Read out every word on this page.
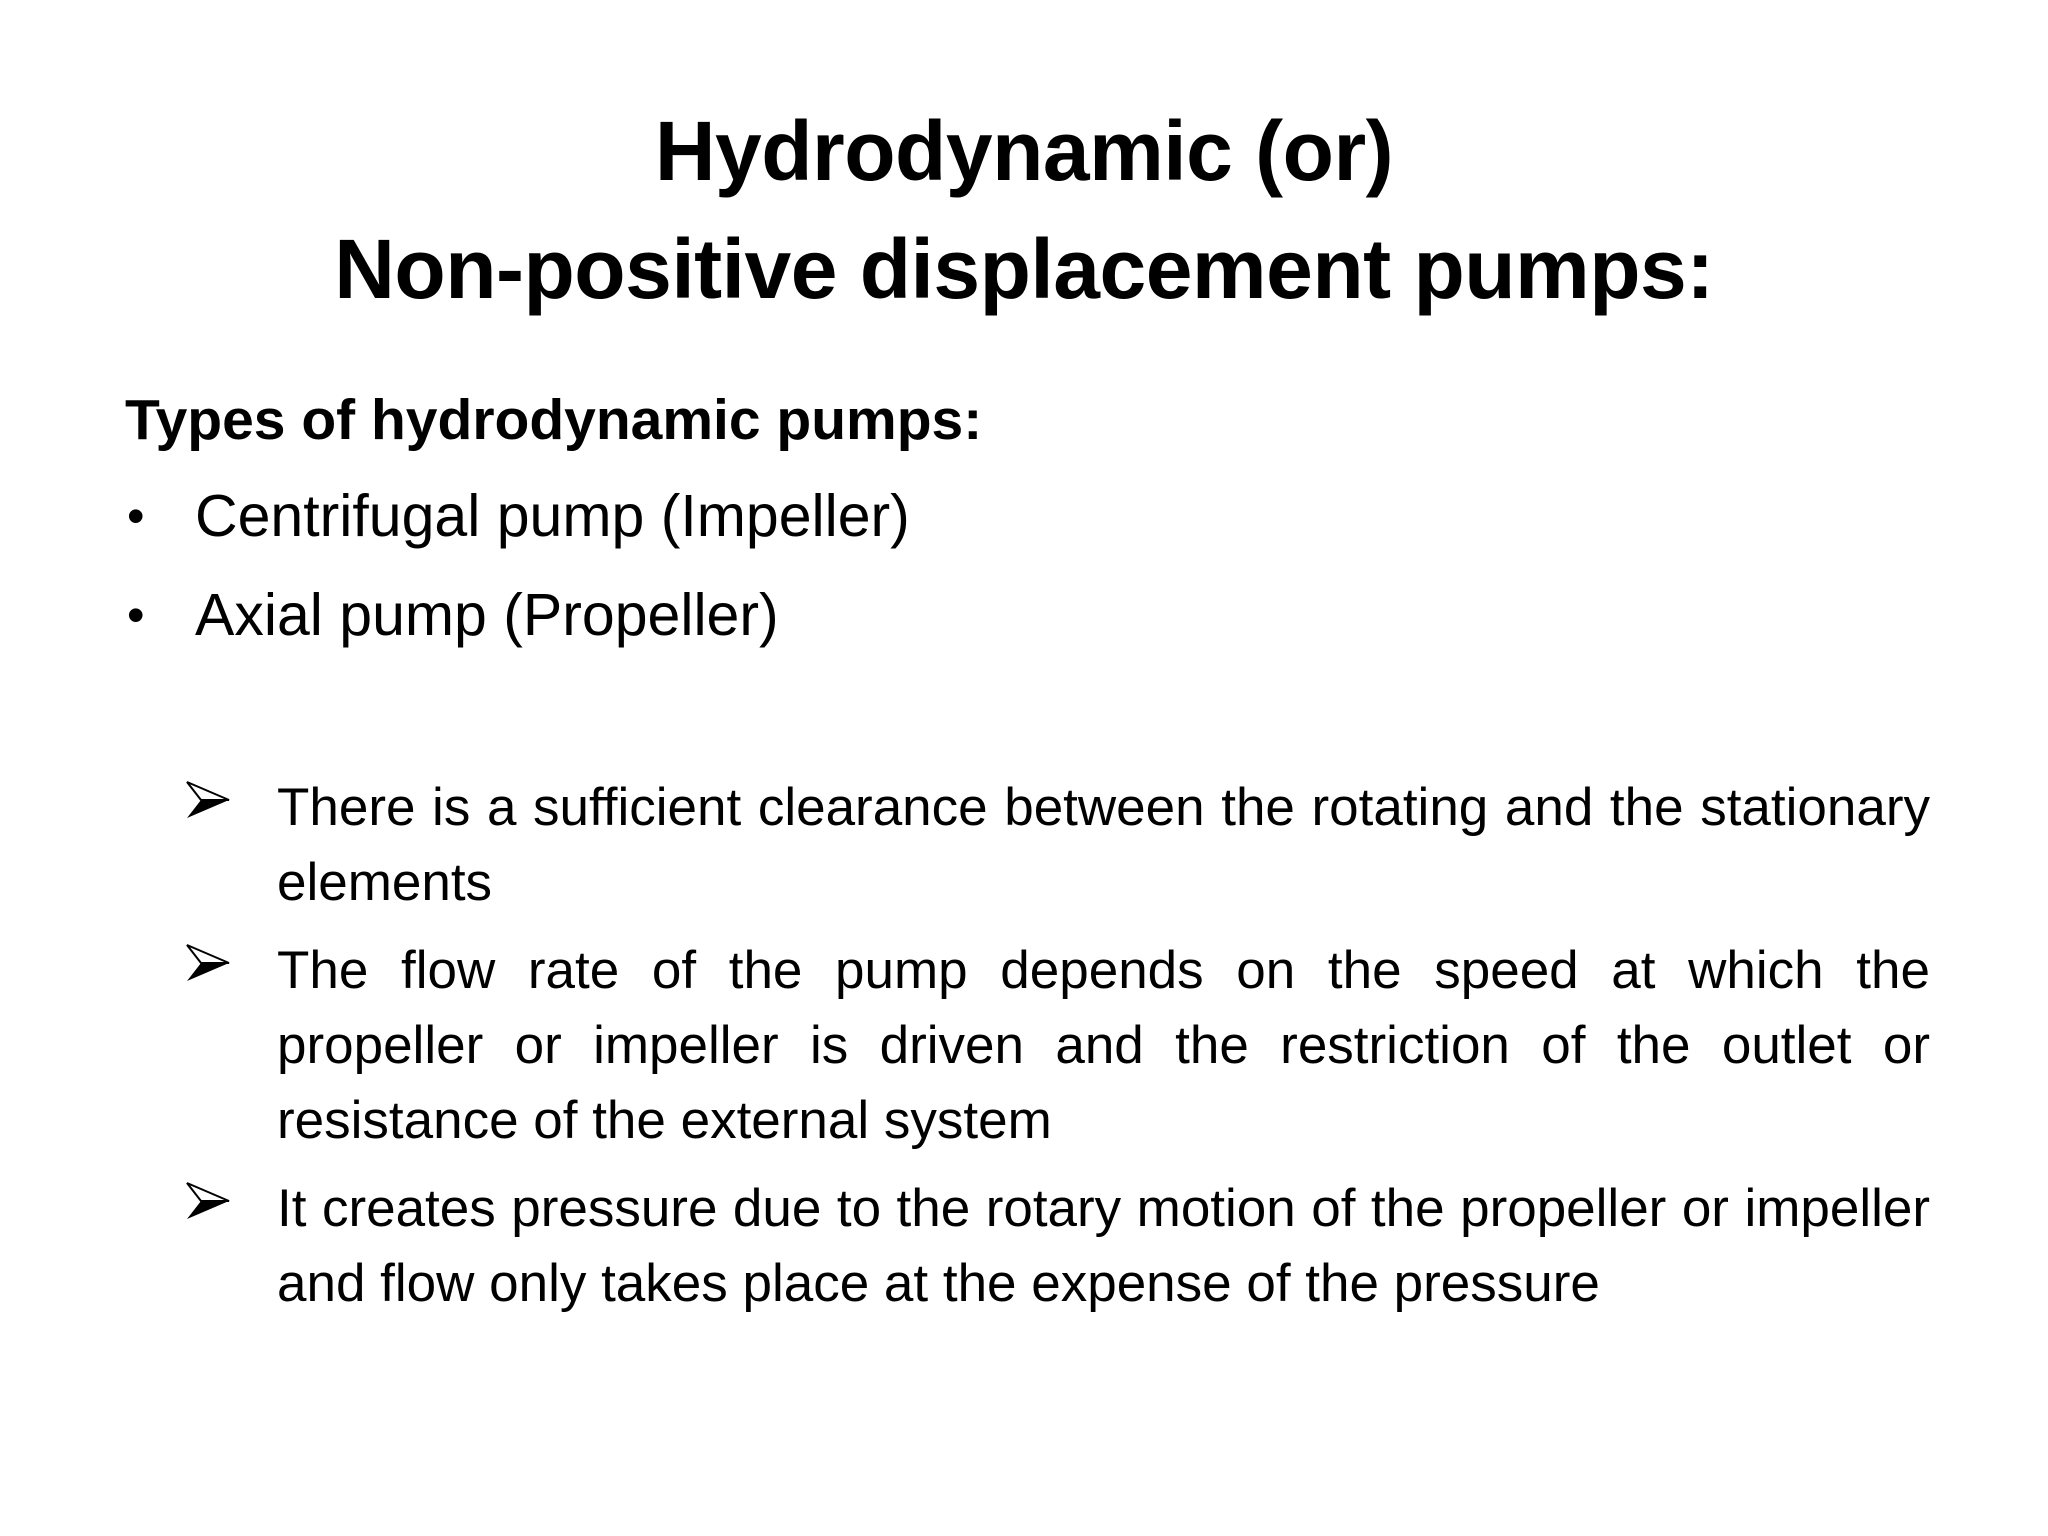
Hydrodynamic (or)
Non-positive displacement pumps:
Types of hydrodynamic pumps:
• Centrifugal pump (Impeller)
• Axial pump (Propeller)
There is a sufficient clearance between the rotating and the stationary elements
The flow rate of the pump depends on the speed at which the propeller or impeller is driven and the restriction of the outlet or resistance of the external system
It creates pressure due to the rotary motion of the propeller or impeller and flow only takes place at the expense of the pressure
